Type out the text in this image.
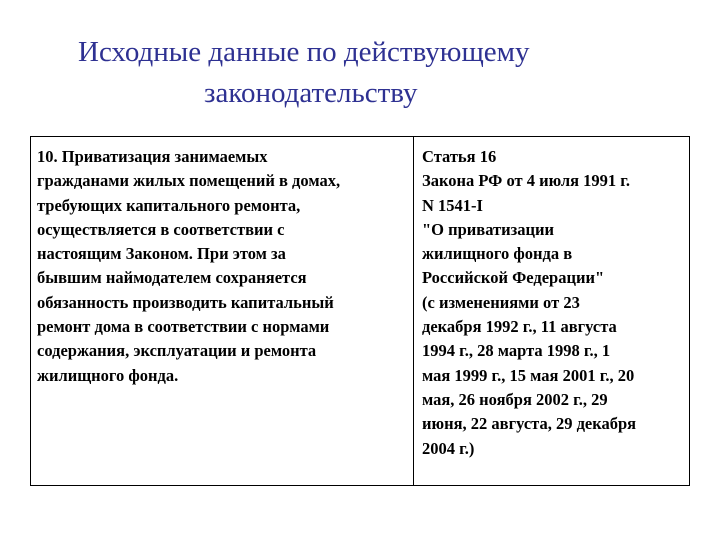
Исходные данные по действующему
законодательству
10. Приватизация занимаемых
гражданами жилых помещений в домах,
требующих капитального ремонта,
осуществляется в соответствии с
настоящим Законом. При этом за
бывшим наймодателем сохраняется
обязанность производить капитальный
ремонт дома в соответствии с нормами
содержания, эксплуатации и ремонта
жилищного фонда.
Статья 16
Закона РФ от 4 июля 1991 г.
N 1541-I
"О приватизации
жилищного фонда в
Российской Федерации"
(с изменениями от 23
декабря 1992 г., 11 августа
1994 г., 28 марта 1998 г., 1
мая 1999 г., 15 мая 2001 г., 20
мая, 26 ноября 2002 г., 29
июня, 22 августа, 29 декабря
2004 г.)
